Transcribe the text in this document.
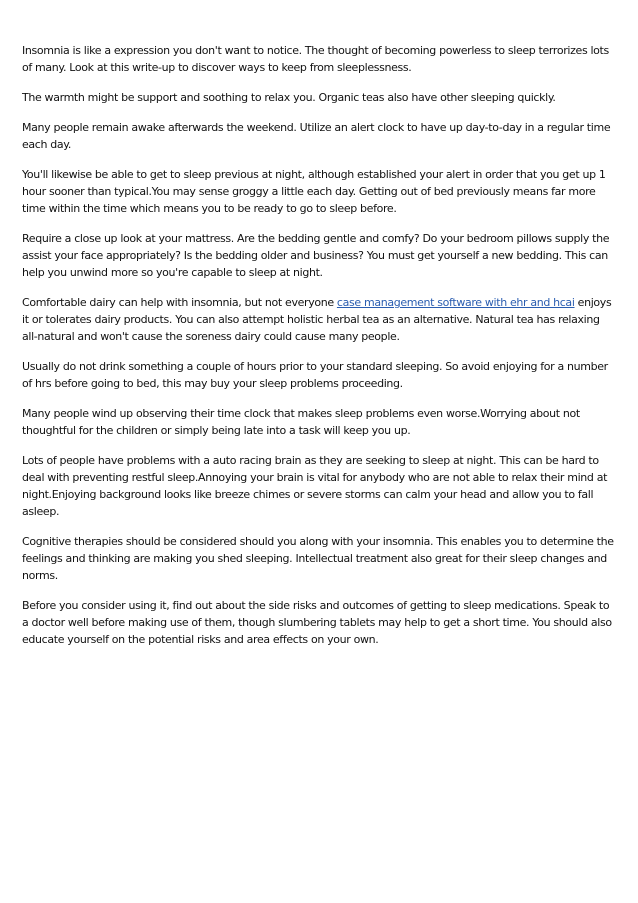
Insomnia is like a expression you don't want to notice. The thought of becoming powerless to sleep terrorizes lots of many. Look at this write-up to discover ways to keep from sleeplessness.

The warmth might be support and soothing to relax you. Organic teas also have other sleeping quickly.

Many people remain awake afterwards the weekend. Utilize an alert clock to have up day-to-day in a regular time each day.

You'll likewise be able to get to sleep previous at night, although established your alert in order that you get up 1 hour sooner than typical.You may sense groggy a little each day. Getting out of bed previously means far more time within the time which means you to be ready to go to sleep before.

Require a close up look at your mattress. Are the bedding gentle and comfy? Do your bedroom pillows supply the assist your face appropriately? Is the bedding older and business? You must get yourself a new bedding. This can help you unwind more so you're capable to sleep at night.

Comfortable dairy can help with insomnia, but not everyone case management software with ehr and hcai enjoys it or tolerates dairy products. You can also attempt holistic herbal tea as an alternative. Natural tea has relaxing all-natural and won't cause the soreness dairy could cause many people.

Usually do not drink something a couple of hours prior to your standard sleeping. So avoid enjoying for a number of hrs before going to bed, this may buy your sleep problems proceeding.

Many people wind up observing their time clock that makes sleep problems even worse.Worrying about not thoughtful for the children or simply being late into a task will keep you up.

Lots of people have problems with a auto racing brain as they are seeking to sleep at night. This can be hard to deal with preventing restful sleep.Annoying your brain is vital for anybody who are not able to relax their mind at night.Enjoying background looks like breeze chimes or severe storms can calm your head and allow you to fall asleep.

Cognitive therapies should be considered should you along with your insomnia. This enables you to determine the feelings and thinking are making you shed sleeping. Intellectual treatment also great for their sleep changes and norms.

Before you consider using it, find out about the side risks and outcomes of getting to sleep medications. Speak to a doctor well before making use of them, though slumbering tablets may help to get a short time. You should also educate yourself on the potential risks and area effects on your own.
